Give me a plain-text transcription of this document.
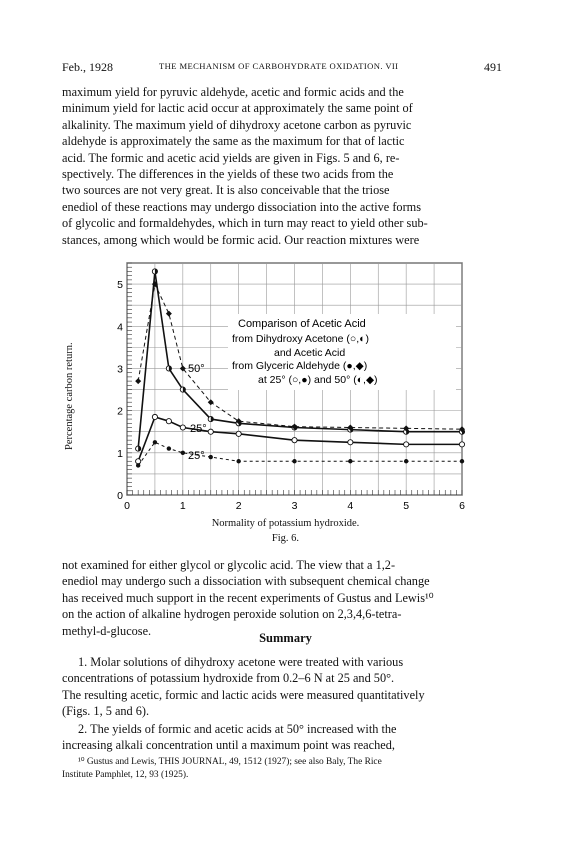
Feb., 1928	THE MECHANISM OF CARBOHYDRATE OXIDATION. VII	491
maximum yield for pyruvic aldehyde, acetic and formic acids and the
minimum yield for lactic acid occur at approximately the same point of
alkalinity. The maximum yield of dihydroxy acetone carbon as pyruvic
aldehyde is approximately the same as the maximum for that of lactic
acid. The formic and acetic acid yields are given in Figs. 5 and 6, re-
spectively. The differences in the yields of these two acids from the
two sources are not very great. It is also conceivable that the triose
enediol of these reactions may undergo dissociation into the active forms
of glycolic and formaldehydes, which in turn may react to yield other sub-
stances, among which would be formic acid. Our reaction mixtures were
Percentage carbon return.
0	1	2	3	4	5	6
0
1
2
3
4
5
Comparison of Acetic Acid
from Dihydroxy Acetone (○,◐)
and Acetic Acid
from Glyceric Aldehyde (●,◆)
at 25° (○,●) and 50° (◐,◆)
50°
25°
25°
Normality of potassium hydroxide.
Fig. 6.
not examined for either glycol or glycolic acid. The view that a 1,2-
enediol may undergo such a dissociation with subsequent chemical change
has received much support in the recent experiments of Gustus and Lewis¹⁰
on the action of alkaline hydrogen peroxide solution on 2,3,4,6-tetra-
methyl-d-glucose.
Summary
1. Molar solutions of dihydroxy acetone were treated with various
concentrations of potassium hydroxide from 0.2–6 N at 25 and 50°.
The resulting acetic, formic and lactic acids were measured quantitatively
(Figs. 1, 5 and 6).
2. The yields of formic and acetic acids at 50° increased with the
increasing alkali concentration until a maximum point was reached,
¹⁰ Gustus and Lewis, THIS JOURNAL, 49, 1512 (1927); see also Baly, The Rice
Institute Pamphlet, 12, 93 (1925).
